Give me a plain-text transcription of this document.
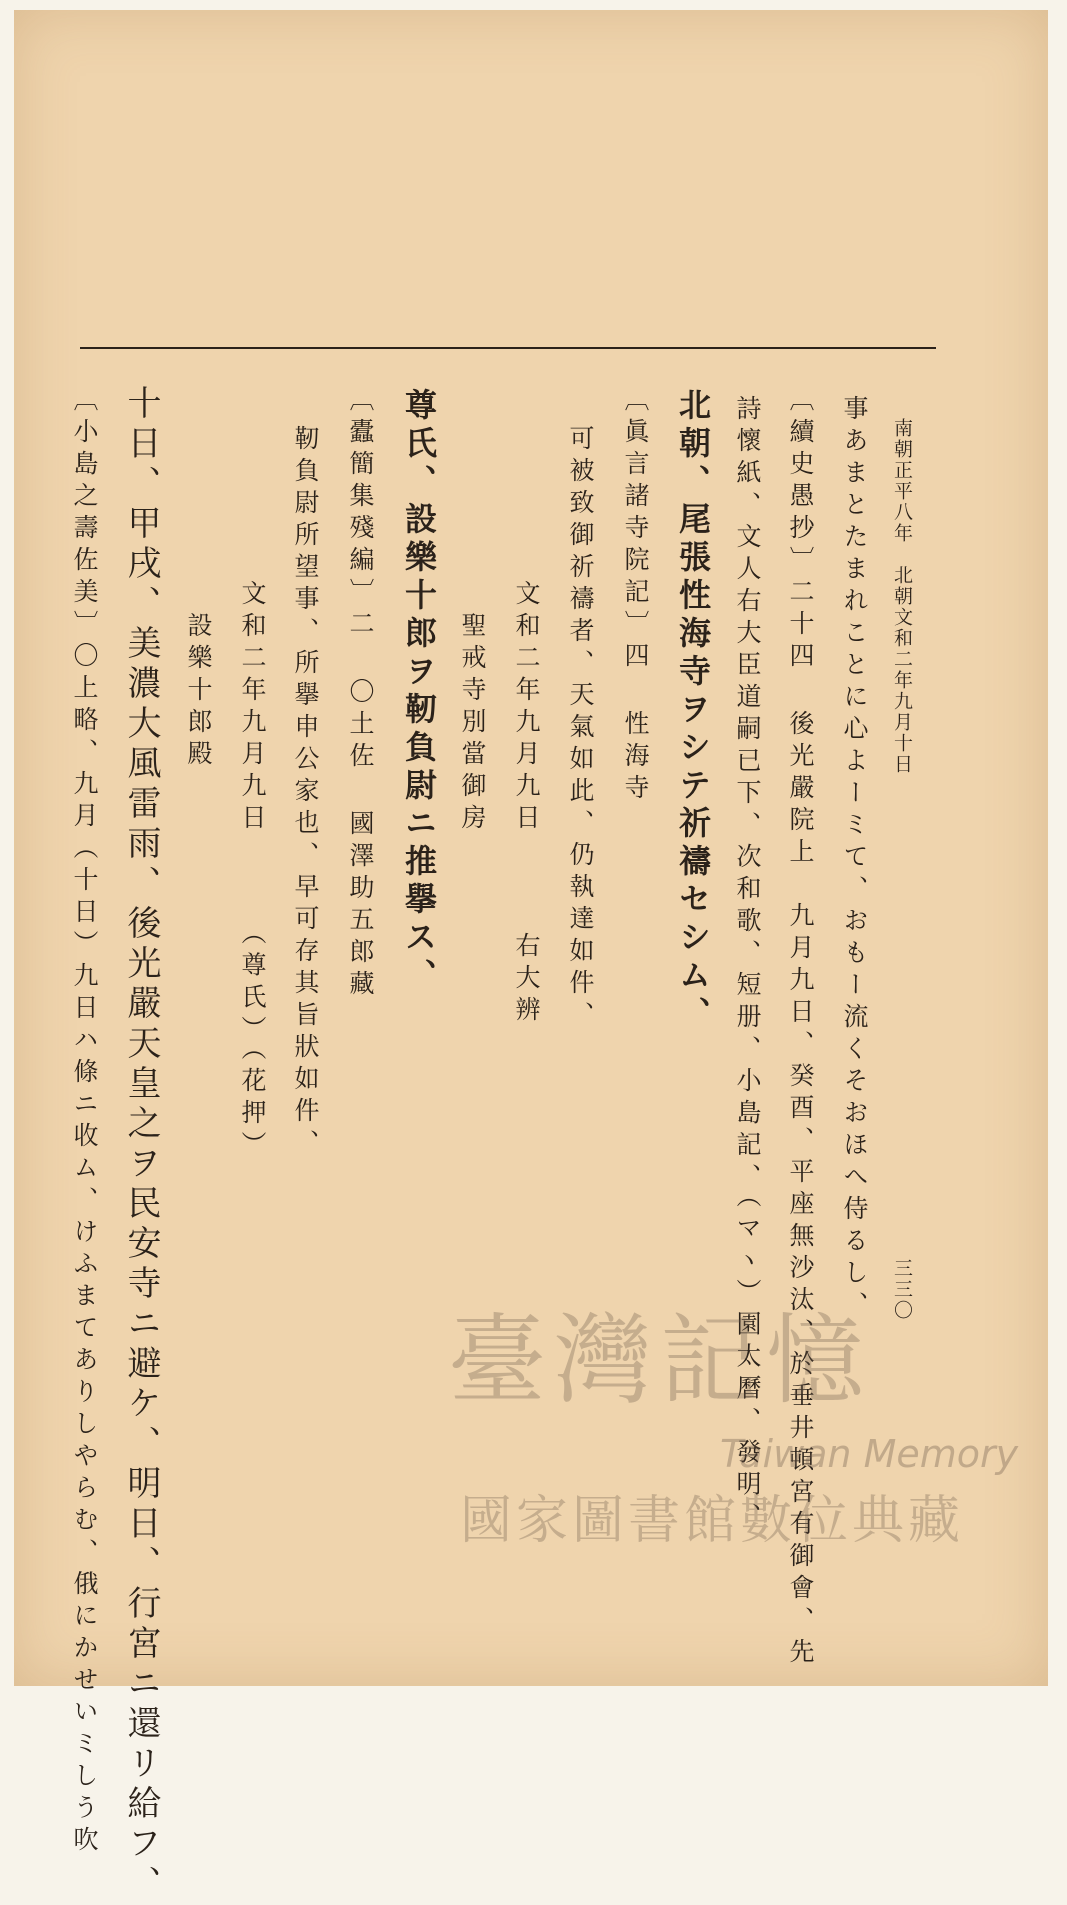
南朝正平八年　北朝文和二年九月十日
三三〇
事あまとたまれことに心よーミて、おもー流くそおほへ侍るし、
〔續史愚抄〕二十四 後光嚴院上　九月九日、癸酉、平座無沙汰、於垂井頓宮有御會、先
詩懷紙、文人右大臣道嗣已下、次和歌、短册、小島記、（マヽ）園太曆、發明、
北朝、尾張性海寺ヲシテ祈禱セシム、
〔眞言諸寺院記〕四 性海寺
可被致御祈禱者、天氣如此、仍執達如件、
文和二年九月九日　　　右大辨
聖戒寺別當御房
尊氏、設樂十郎ヲ靭負尉ニ推擧ス、
〔蠹簡集殘編〕二 〇土佐 國澤助五郎藏
靭負尉所望事、所擧申公家也、早可存其旨狀如件、
文和二年九月九日　　　（尊氏）（花押）
設樂十郎殿
十日、甲戌、美濃大風雷雨、後光嚴天皇之ヲ民安寺ニ避ケ、明日、行宮ニ還リ給フ、
〔小島之壽佐美〕〇上略、九月（十日）九日ハ條ニ收ム、けふまてありしやらむ、俄にかせいミしう吹	臺灣記憶
Taiwan Memory
國家圖書館數位典藏
